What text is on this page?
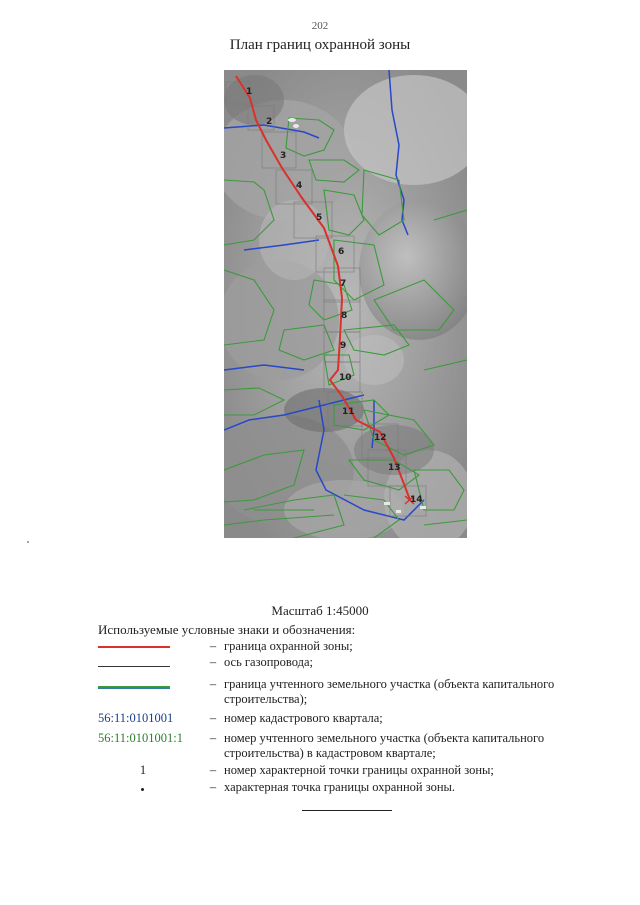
202
План границ охранной зоны
1
2
3
4
5
6
7
8
9
10
11
12
13
14
Масштаб 1:45000
Используемые условные знаки и обозначения:
– граница охранной зоны;
– ось газопровода;
– граница учтенного земельного участка (объекта капитального строительства);
56:11:0101001	– номер кадастрового квартала;
56:11:0101001:1	– номер учтенного земельного участка (объекта капитального строительства) в кадастровом квартале;
1	– номер характерной точки границы охранной зоны;
– характерная точка границы охранной зоны.
